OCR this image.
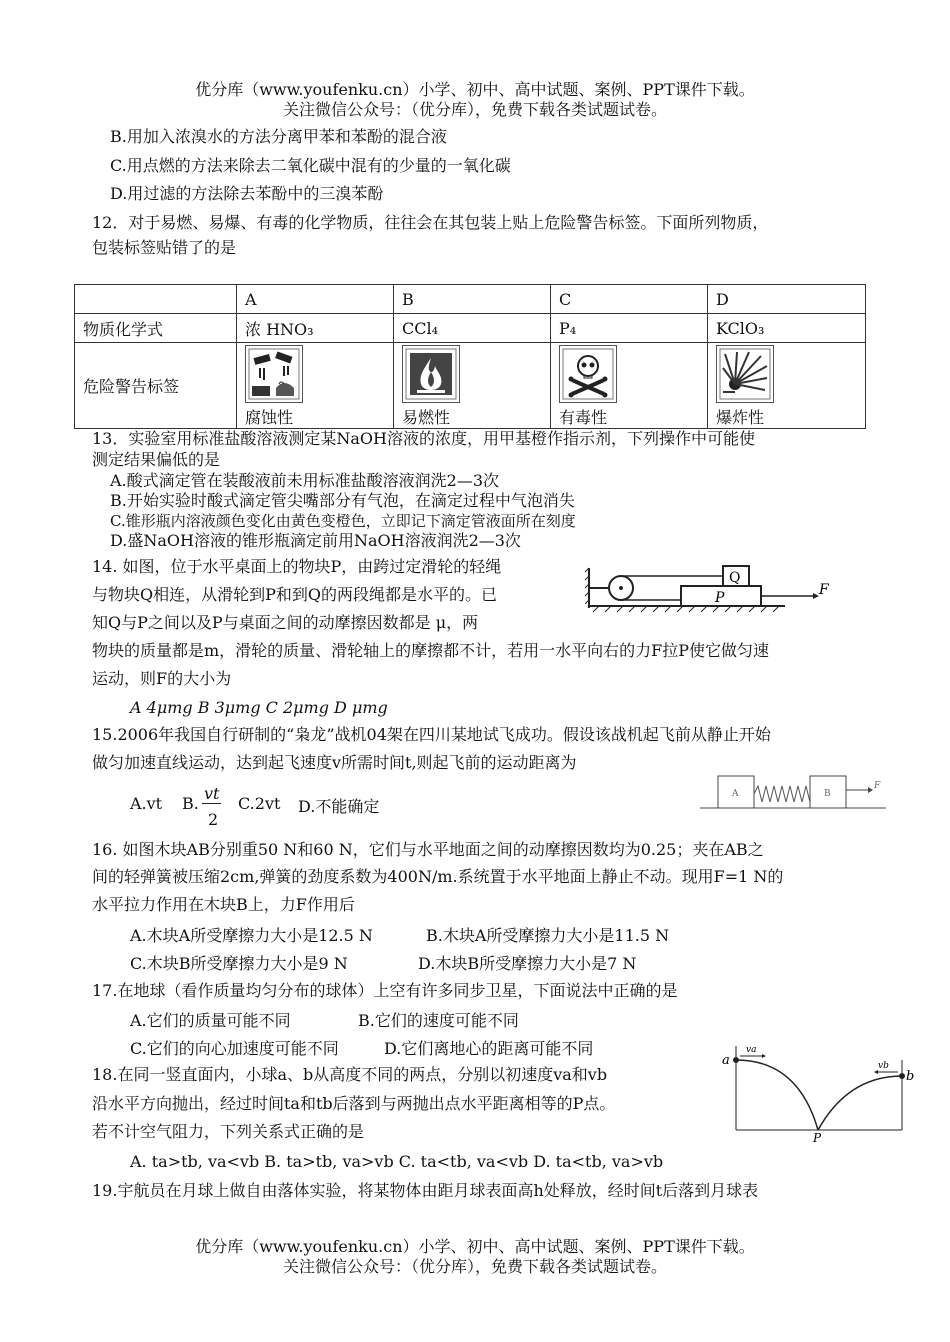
优分库（www.youfenku.cn）小学、初中、高中试题、案例、PPT课件下载。
关注微信公众号：（优分库），免费下载各类试题试卷。
B.用加入浓溴水的方法分离甲苯和苯酚的混合液
C.用点燃的方法来除去二氧化碳中混有的少量的一氧化碳
D.用过滤的方法除去苯酚中的三溴苯酚
12．对于易燃、易爆、有毒的化学物质，往往会在其包装上贴上危险警告标签。下面所列物质，
包装标签贴错了的是
	A	B	C	D
物质化学式	浓 HNO₃	CCl₄	P₄	KClO₃
危险警告标签	腐蚀性	易燃性	有毒性	爆炸性
13．实验室用标准盐酸溶液测定某NaOH溶液的浓度，用甲基橙作指示剂，下列操作中可能使
测定结果偏低的是
A.酸式滴定管在装酸液前未用标准盐酸溶液润洗2—3次
B.开始实验时酸式滴定管尖嘴部分有气泡，在滴定过程中气泡消失
C.锥形瓶内溶液颜色变化由黄色变橙色，立即记下滴定管液面所在刻度
D.盛NaOH溶液的锥形瓶滴定前用NaOH溶液润洗2—3次
14. 如图，位于水平桌面上的物块P，由跨过定滑轮的轻绳
与物块Q相连，从滑轮到P和到Q的两段绳都是水平的。已
知Q与P之间以及P与桌面之间的动摩擦因数都是 μ，两
物块的质量都是m，滑轮的质量、滑轮轴上的摩擦都不计，若用一水平向右的力F拉P使它做匀速
运动，则F的大小为
A 4μmg B 3μmg C 2μmg D μmg
Q
P	F
15.2006年我国自行研制的“枭龙”战机04架在四川某地试飞成功。假设该战机起飞前从静止开始
做匀加速直线运动，达到起飞速度v所需时间t,则起飞前的运动距离为
A.vt B.
vt
2
C.2vt D.不能确定
A	B
F
16. 如图木块AB分别重50 N和60 N，它们与水平地面之间的动摩擦因数均为0.25；夹在AB之
间的轻弹簧被压缩2cm,弹簧的劲度系数为400N/m.系统置于水平地面上静止不动。现用F=1 N的
水平拉力作用在木块B上，力F作用后
A.木块A所受摩擦力大小是12.5 N	B.木块A所受摩擦力大小是11.5 N
C.木块B所受摩擦力大小是9 N	D.木块B所受摩擦力大小是7 N
17.在地球（看作质量均匀分布的球体）上空有许多同步卫星，下面说法中正确的是
A.它们的质量可能不同	B.它们的速度可能不同
C.它们的向心加速度可能不同	D.它们离地心的距离可能不同
18.在同一竖直面内，小球a、b从高度不同的两点，分别以初速度va和vb
沿水平方向抛出，经过时间ta和tb后落到与两抛出点水平距离相等的P点。
若不计空气阻力，下列关系式正确的是
A. ta>tb, va<vb B. ta>tb, va>vb C. ta<tb, va<vb D. ta<tb, va>vb
a
b
P
va
vb
19.宇航员在月球上做自由落体实验，将某物体由距月球表面高h处释放，经时间t后落到月球表
优分库（www.youfenku.cn）小学、初中、高中试题、案例、PPT课件下载。
关注微信公众号：（优分库），免费下载各类试题试卷。
